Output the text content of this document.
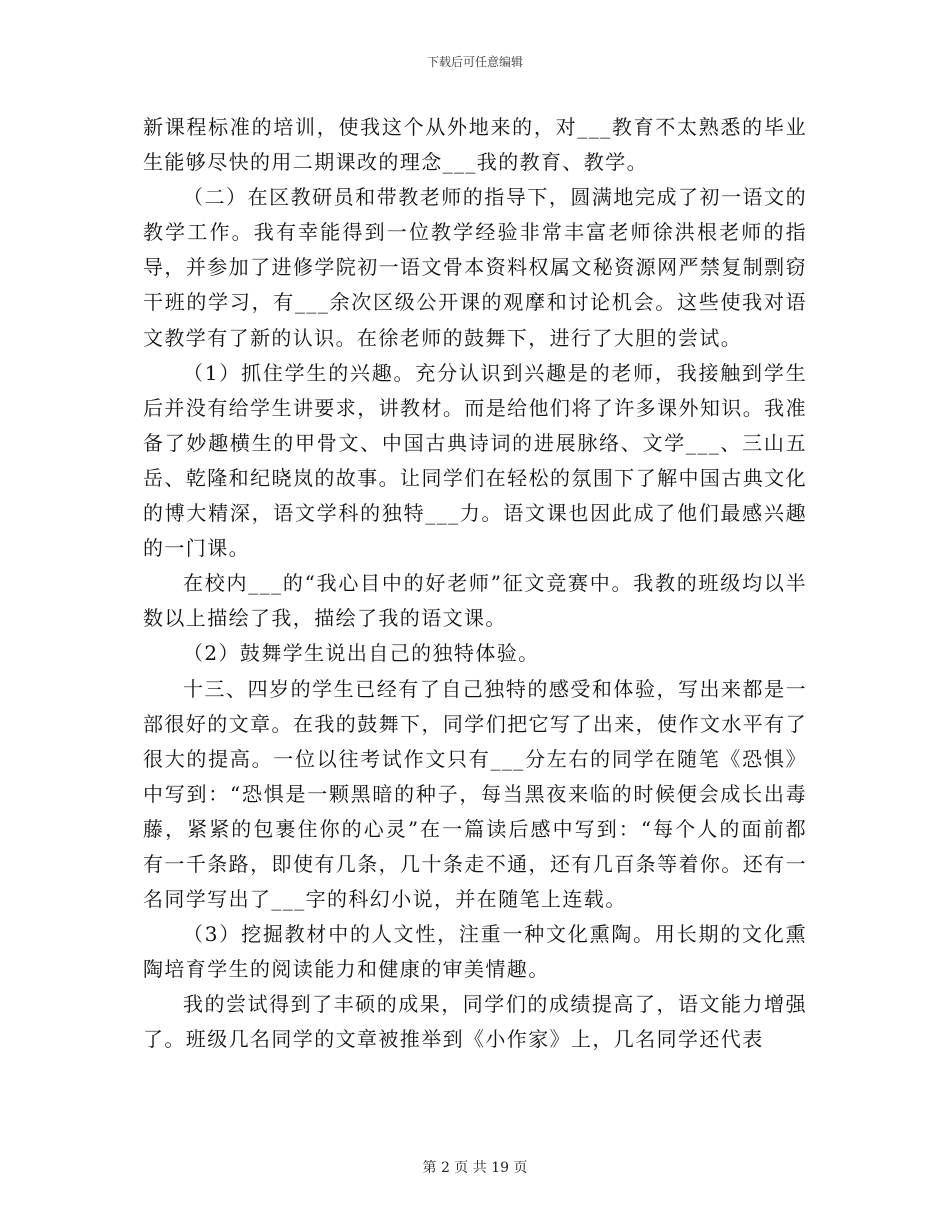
下载后可任意编辑

新课程标准的培训，使我这个从外地来的，对___教育不太熟悉的毕业生能够尽快的用二期课改的理念___我的教育、教学。

（二）在区教研员和带教老师的指导下，圆满地完成了初一语文的教学工作。我有幸能得到一位教学经验非常丰富老师徐洪根老师的指导，并参加了进修学院初一语文骨本资料权属文秘资源网严禁复制剽窃干班的学习，有___余次区级公开课的观摩和讨论机会。这些使我对语文教学有了新的认识。在徐老师的鼓舞下，进行了大胆的尝试。

（1）抓住学生的兴趣。充分认识到兴趣是的老师，我接触到学生后并没有给学生讲要求，讲教材。而是给他们将了许多课外知识。我准备了妙趣横生的甲骨文、中国古典诗词的进展脉络、文学___、三山五岳、乾隆和纪晓岚的故事。让同学们在轻松的氛围下了解中国古典文化的博大精深，语文学科的独特___力。语文课也因此成了他们最感兴趣的一门课。

在校内___的“我心目中的好老师”征文竞赛中。我教的班级均以半数以上描绘了我，描绘了我的语文课。

（2）鼓舞学生说出自己的独特体验。

十三、四岁的学生已经有了自己独特的感受和体验，写出来都是一部很好的文章。在我的鼓舞下，同学们把它写了出来，使作文水平有了很大的提高。一位以往考试作文只有___分左右的同学在随笔《恐惧》中写到：“恐惧是一颗黑暗的种子，每当黑夜来临的时候便会成长出毒藤，紧紧的包裹住你的心灵”在一篇读后感中写到：“每个人的面前都有一千条路，即使有几条，几十条走不通，还有几百条等着你。还有一名同学写出了___字的科幻小说，并在随笔上连载。

（3）挖掘教材中的人文性，注重一种文化熏陶。用长期的文化熏陶培育学生的阅读能力和健康的审美情趣。

我的尝试得到了丰硕的成果，同学们的成绩提高了，语文能力增强了。班级几名同学的文章被推举到《小作家》上，几名同学还代表

第 2 页 共 19 页
